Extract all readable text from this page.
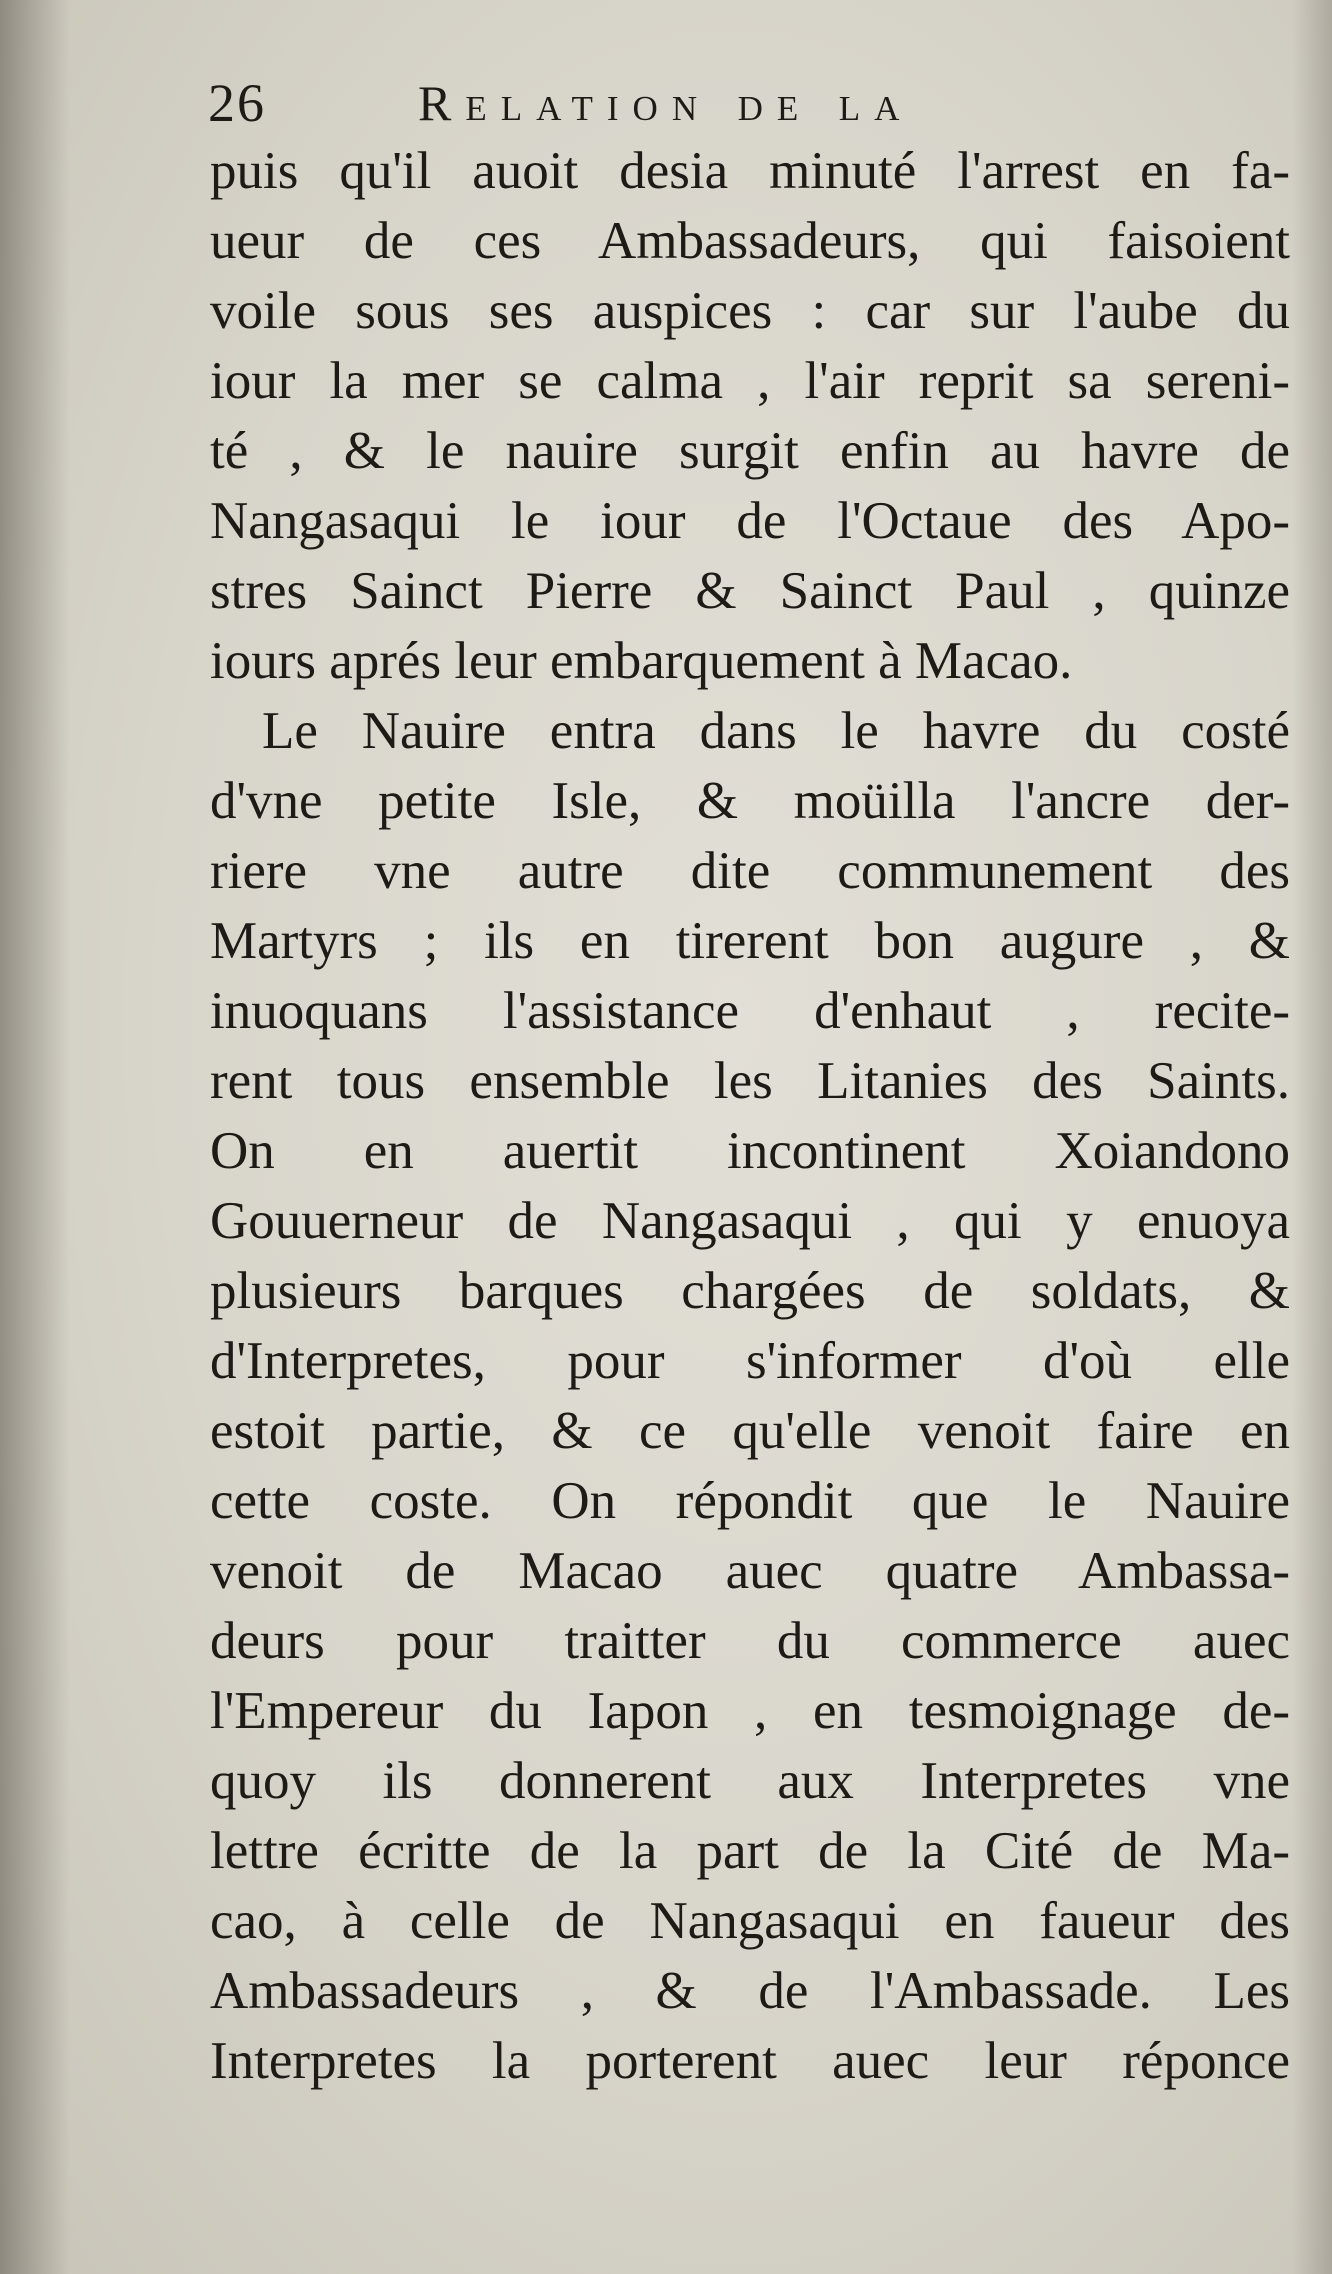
26	Relation de la
puis qu'il auoit desia minuté l'arrest en fa-
ueur de ces Ambassadeurs, qui faisoient
voile sous ses auspices : car sur l'aube du
iour la mer se calma , l'air reprit sa sereni-
té , & le nauire surgit enfin au havre de
Nangasaqui le iour de l'Octaue des Apo-
stres Sainct Pierre & Sainct Paul , quinze
iours aprés leur embarquement à Macao.
Le Nauire entra dans le havre du costé
d'vne petite Isle, & moüilla l'ancre der-
riere vne autre dite communement des
Martyrs ; ils en tirerent bon augure , &
inuoquans l'assistance d'enhaut , recite-
rent tous ensemble les Litanies des Saints.
On en auertit incontinent Xoiandono
Gouuerneur de Nangasaqui , qui y enuoya
plusieurs barques chargées de soldats, &
d'Interpretes, pour s'informer d'où elle
estoit partie, & ce qu'elle venoit faire en
cette coste. On répondit que le Nauire
venoit de Macao auec quatre Ambassa-
deurs pour traitter du commerce auec
l'Empereur du Iapon , en tesmoignage de-
quoy ils donnerent aux Interpretes vne
lettre écritte de la part de la Cité de Ma-
cao, à celle de Nangasaqui en faueur des
Ambassadeurs , & de l'Ambassade. Les
Interpretes la porterent auec leur réponce
